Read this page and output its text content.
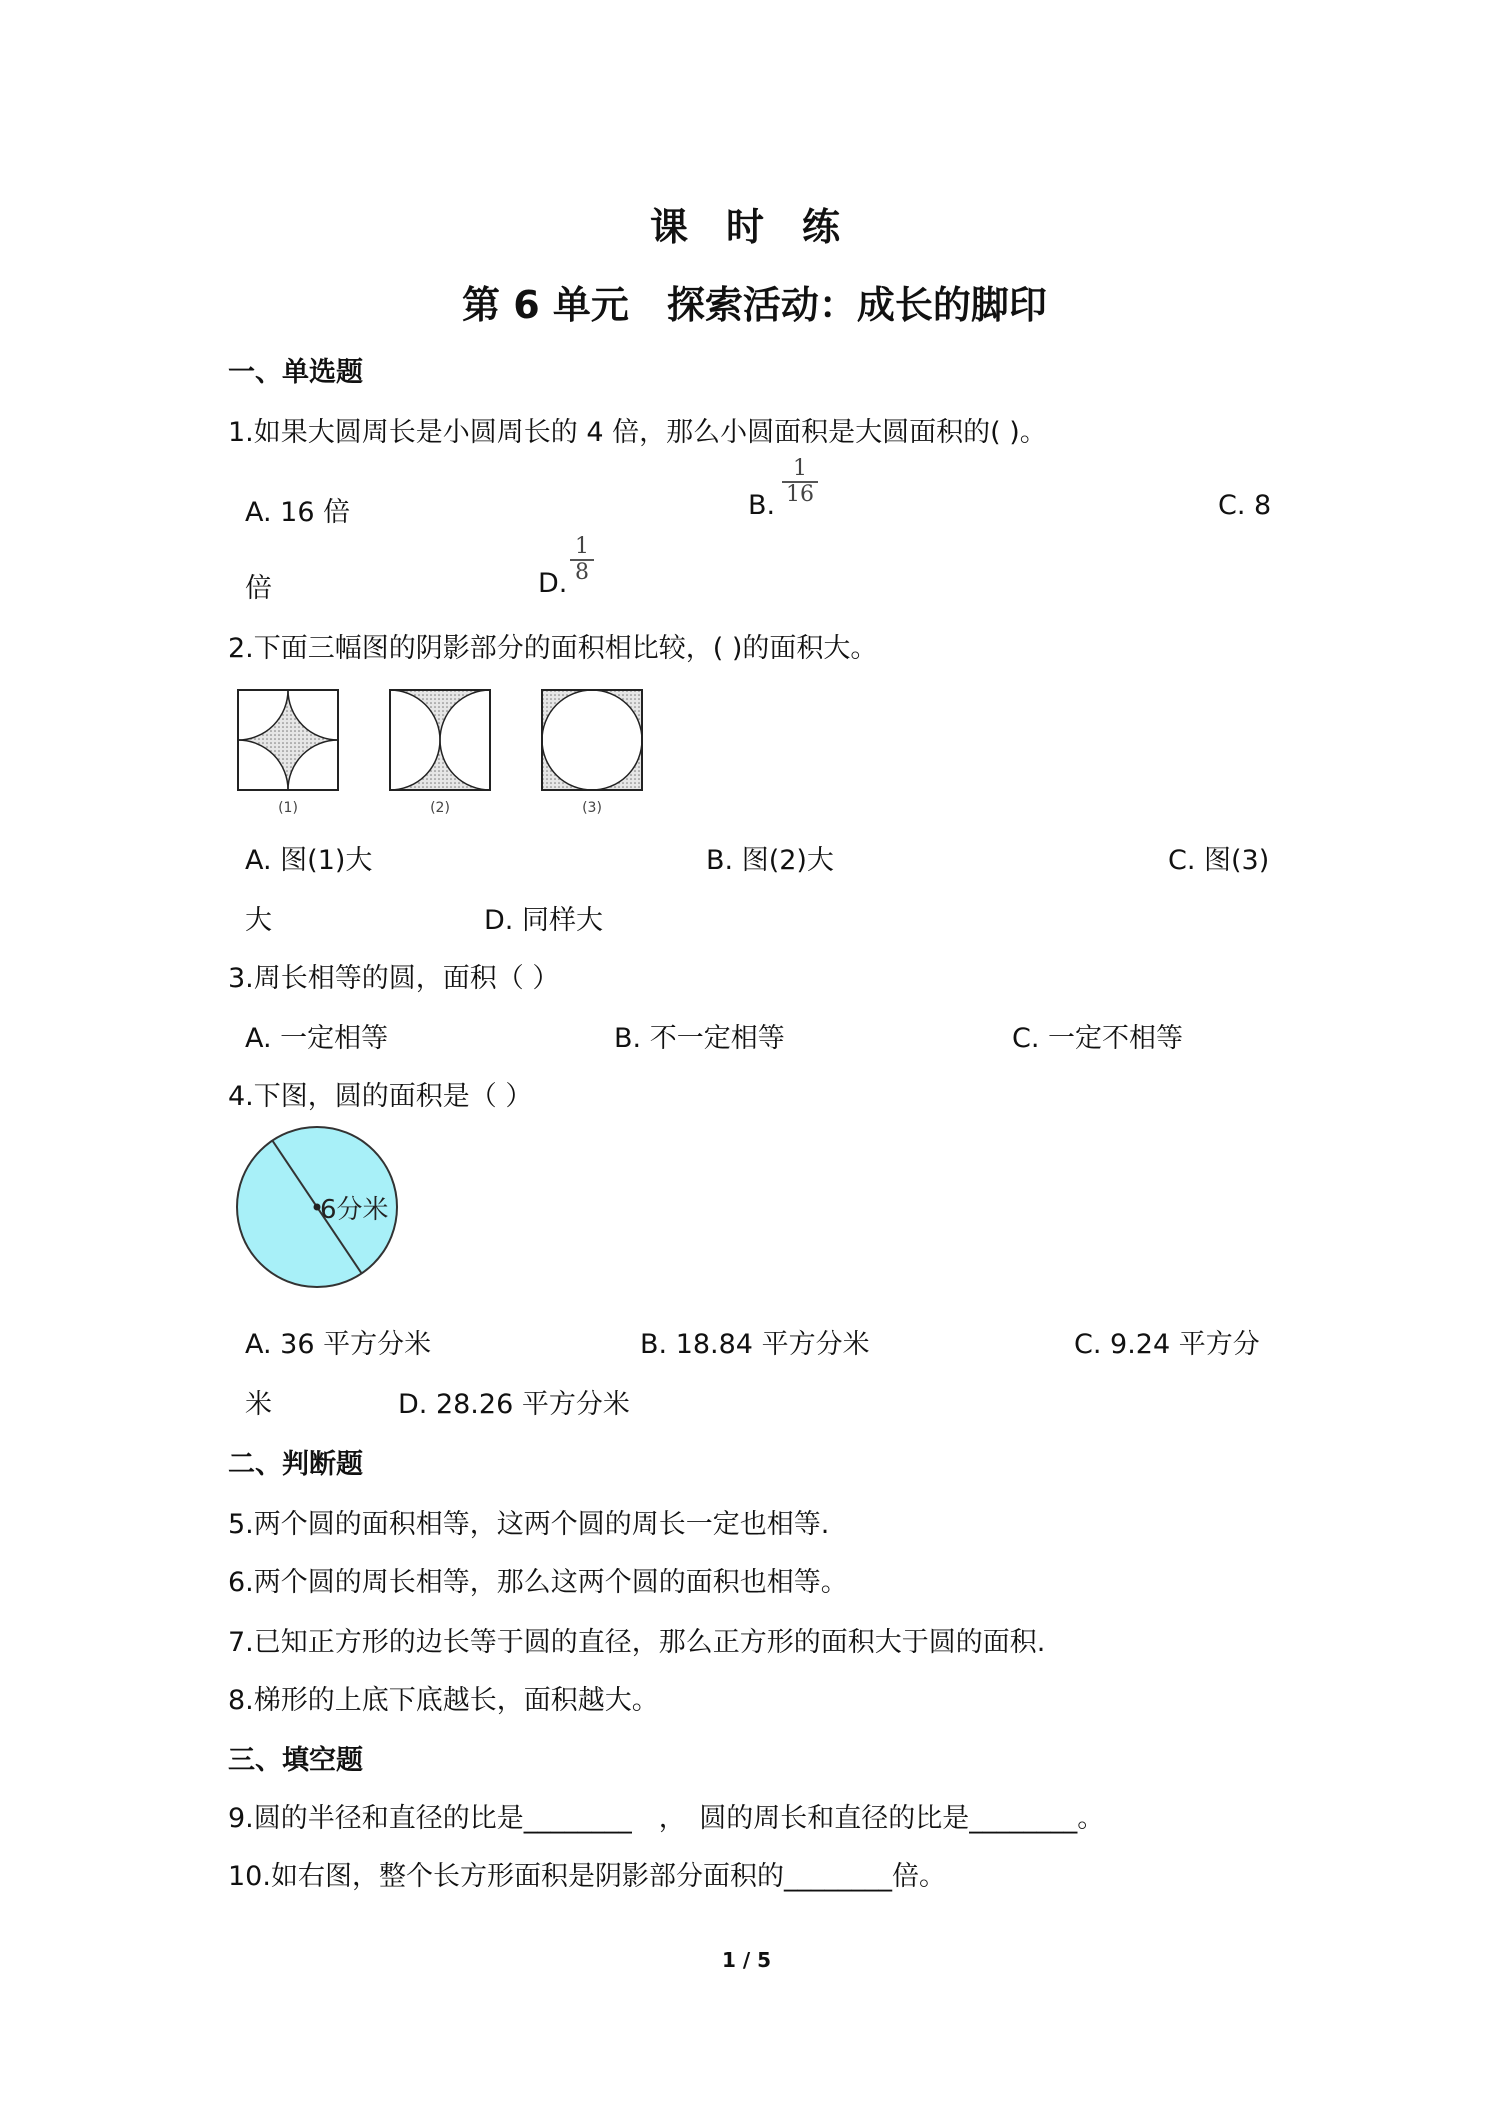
课　时　练
第 6 单元　探索活动：成长的脚印
一、单选题
1.如果大圆周长是小圆周长的 4 倍，那么小圆面积是大圆面积的( )。
A. 16 倍	B.
1
16	C. 8
倍	D.
1
8
2.下面三幅图的阴影部分的面积相比较，( )的面积大。
(1)	(2)	(3)
A. 图(1)大	B. 图(2)大	C. 图(3)
大	D. 同样大
3.周长相等的圆，面积（ ）
A. 一定相等	B. 不一定相等	C. 一定不相等
4.下图，圆的面积是（ ）
6分米
A. 36 平方分米	B. 18.84 平方分米	C. 9.24 平方分
米	D. 28.26 平方分米
二、判断题
5.两个圆的面积相等，这两个圆的周长一定也相等.
6.两个圆的周长相等，那么这两个圆的面积也相等。
7.已知正方形的边长等于圆的直径，那么正方形的面积大于圆的面积.
8.梯形的上底下底越长，面积越大。
三、填空题
9.圆的半径和直径的比是________　，　圆的周长和直径的比是________。
10.如右图，整个长方形面积是阴影部分面积的________倍。
1 / 5
